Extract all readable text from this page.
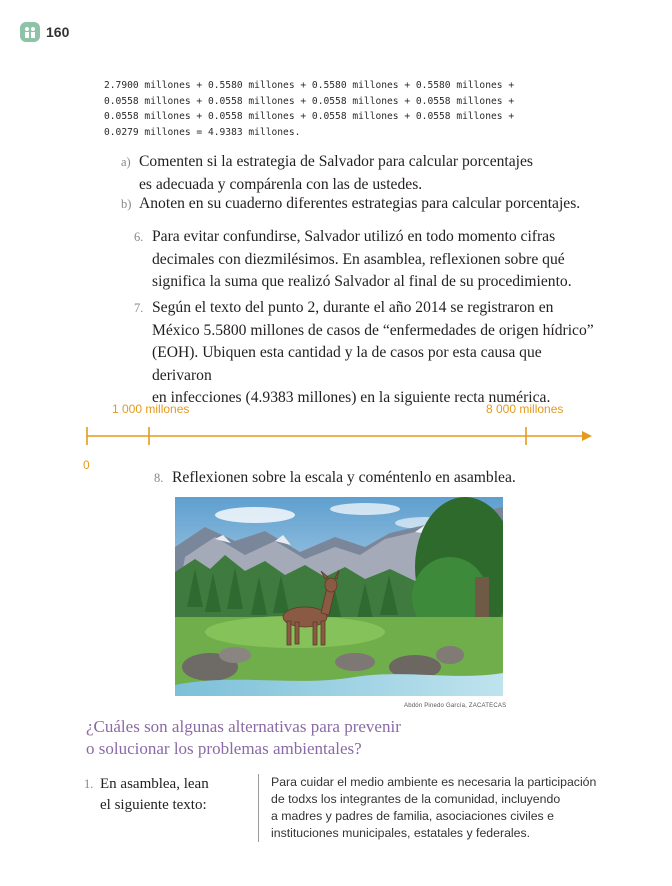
160
2.7900 millones + 0.5580 millones + 0.5580 millones + 0.5580 millones +
0.0558 millones + 0.0558 millones + 0.0558 millones + 0.0558 millones +
0.0558 millones + 0.0558 millones + 0.0558 millones + 0.0558 millones +
0.0279 millones = 4.9383 millones.
a) Comenten si la estrategia de Salvador para calcular porcentajes
es adecuada y compárenla con las de ustedes.
b) Anoten en su cuaderno diferentes estrategias para calcular porcentajes.
6. Para evitar confundirse, Salvador utilizó en todo momento cifras
decimales con diezmilésimos. En asamblea, reflexionen sobre qué
significa la suma que realizó Salvador al final de su procedimiento.
7. Según el texto del punto 2, durante el año 2014 se registraron en
México 5.5800 millones de casos de “enfermedades de origen hídrico”
(EOH). Ubiquen esta cantidad y la de casos por esta causa que derivaron
en infecciones (4.9383 millones) en la siguiente recta numérica.
1 000 millones	8 000 millones
0
8. Reflexionen sobre la escala y coméntenlo en asamblea.
Abdón Pinedo García, ZACATECAS
¿Cuáles son algunas alternativas para prevenir
o solucionar los problemas ambientales?
1. En asamblea, lean
el siguiente texto:
Para cuidar el medio ambiente es necesaria la participación
de todxs los integrantes de la comunidad, incluyendo
a madres y padres de familia, asociaciones civiles e
instituciones municipales, estatales y federales.
